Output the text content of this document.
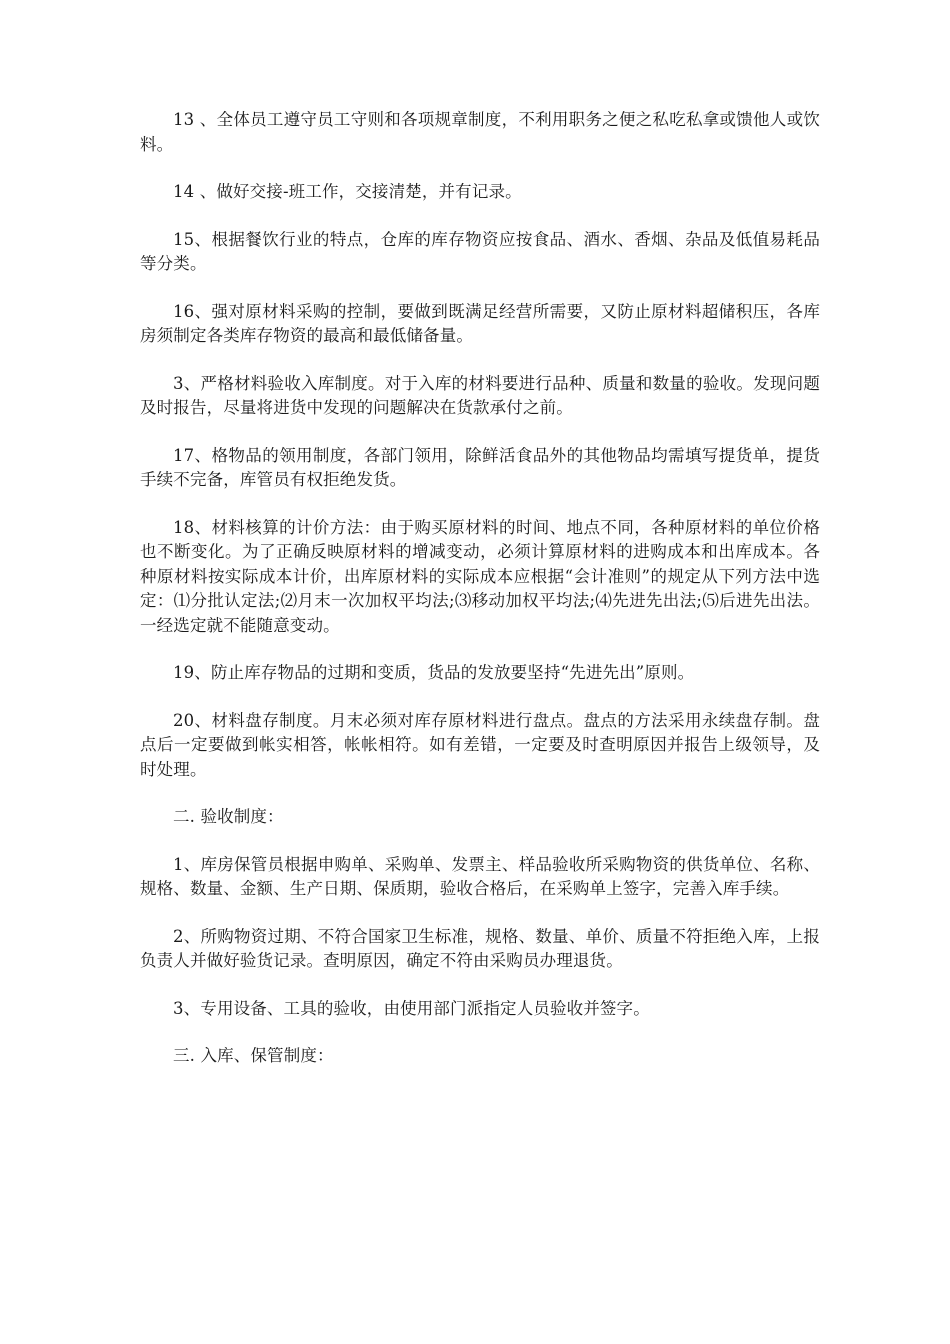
13 、全体员工遵守员工守则和各项规章制度，不利用职务之便之私吃私拿或馈他人或饮料。

14 、做好交接-班工作，交接清楚，并有记录。

15、根据餐饮行业的特点，仓库的库存物资应按食品、酒水、香烟、杂品及低值易耗品等分类。

16、强对原材料采购的控制，要做到既满足经营所需要，又防止原材料超储积压，各库房须制定各类库存物资的最高和最低储备量。

3、严格材料验收入库制度。对于入库的材料要进行品种、质量和数量的验收。发现问题及时报告，尽量将进货中发现的问题解决在货款承付之前。

17、格物品的领用制度，各部门领用，除鲜活食品外的其他物品均需填写提货单，提货手续不完备，库管员有权拒绝发货。

18、材料核算的计价方法：由于购买原材料的时间、地点不同，各种原材料的单位价格也不断变化。为了正确反映原材料的增减变动，必须计算原材料的进购成本和出库成本。各种原材料按实际成本计价，出库原材料的实际成本应根据“会计准则”的规定从下列方法中选定：⑴分批认定法;⑵月末一次加权平均法;⑶移动加权平均法;⑷先进先出法;⑸后进先出法。一经选定就不能随意变动。

19、防止库存物品的过期和变质，货品的发放要坚持“先进先出”原则。

20、材料盘存制度。月末必须对库存原材料进行盘点。盘点的方法采用永续盘存制。盘点后一定要做到帐实相答，帐帐相符。如有差错，一定要及时查明原因并报告上级领导，及时处理。

二. 验收制度：

1、库房保管员根据申购单、采购单、发票主、样品验收所采购物资的供货单位、名称、规格、数量、金额、生产日期、保质期，验收合格后，在采购单上签字，完善入库手续。

2、所购物资过期、不符合国家卫生标准，规格、数量、单价、质量不符拒绝入库，上报负责人并做好验货记录。查明原因，确定不符由采购员办理退货。

3、专用设备、工具的验收，由使用部门派指定人员验收并签字。

三. 入库、保管制度：
